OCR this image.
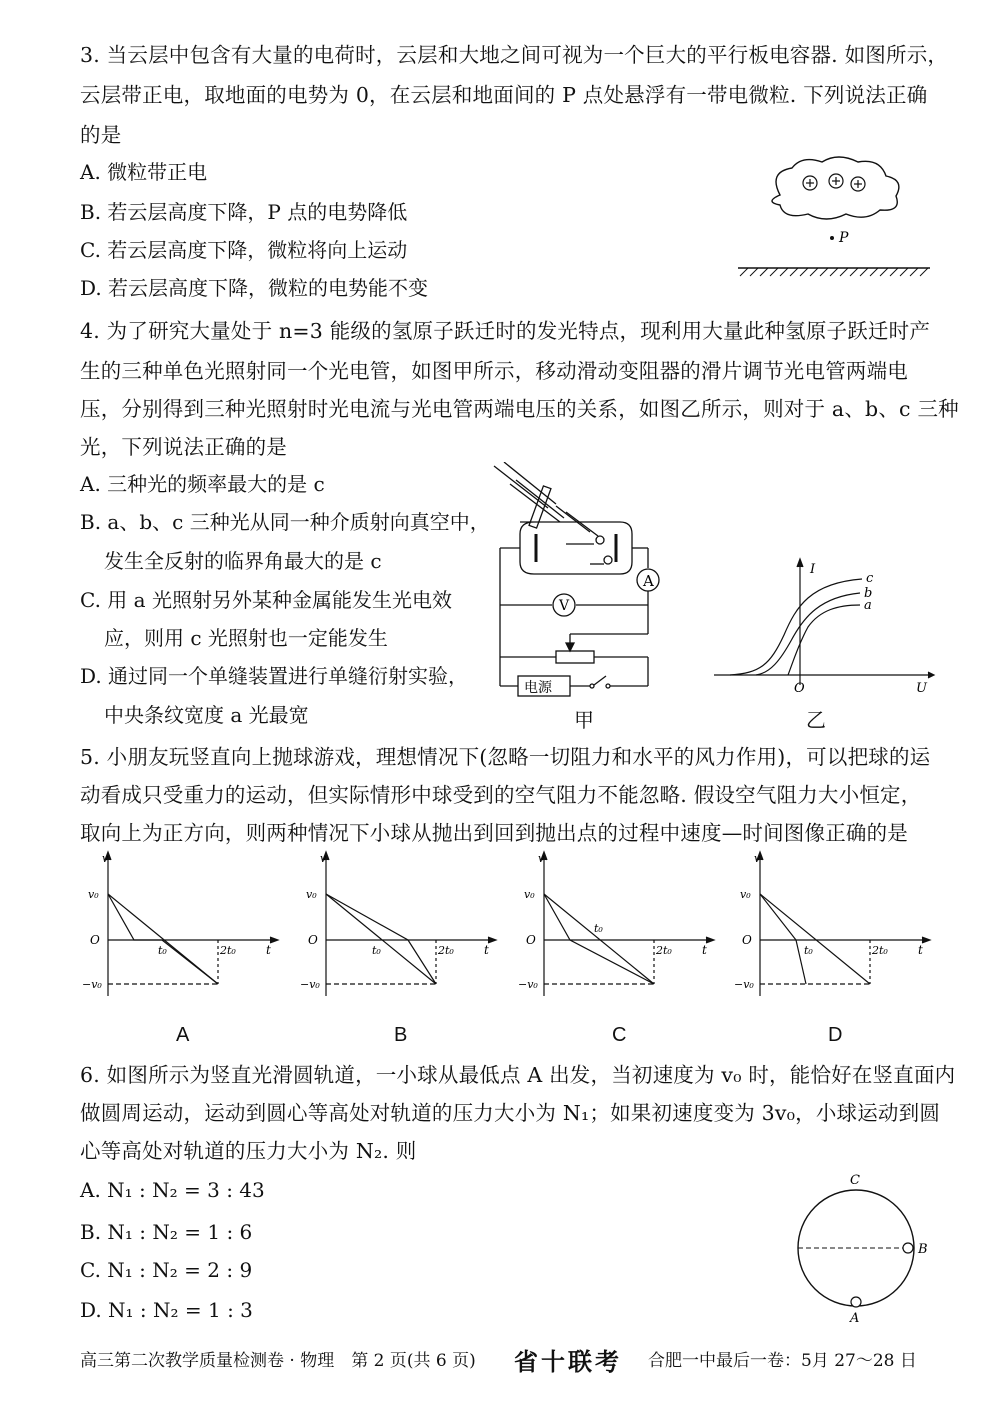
3. 当云层中包含有大量的电荷时，云层和大地之间可视为一个巨大的平行板电容器. 如图所示，
云层带正电，取地面的电势为 0，在云层和地面间的 P 点处悬浮有一带电微粒. 下列说法正确
的是
A. 微粒带正电
B. 若云层高度下降，P 点的电势降低
C. 若云层高度下降，微粒将向上运动
D. 若云层高度下降，微粒的电势能不变
P
4. 为了研究大量处于 n=3 能级的氢原子跃迁时的发光特点，现利用大量此种氢原子跃迁时产
生的三种单色光照射同一个光电管，如图甲所示，移动滑动变阻器的滑片调节光电管两端电
压，分别得到三种光照射时光电流与光电管两端电压的关系，如图乙所示，则对于 a、b、c 三种
光，下列说法正确的是
A. 三种光的频率最大的是 c
B. a、b、c 三种光从同一种介质射向真空中，
发生全反射的临界角最大的是 c
C. 用 a 光照射另外某种金属能发生光电效
应，则用 c 光照射也一定能发生
D. 通过同一个单缝装置进行单缝衍射实验，
中央条纹宽度 a 光最宽
A
V
电源
甲
I
U
O
c
b
a
乙
5. 小朋友玩竖直向上抛球游戏，理想情况下(忽略一切阻力和水平的风力作用)，可以把球的运
动看成只受重力的运动，但实际情形中球受到的空气阻力不能忽略. 假设空气阻力大小恒定，
取向上为正方向，则两种情况下小球从抛出到回到抛出点的过程中速度—时间图像正确的是
v
v₀
O
−v₀
t₀	2t₀	t
A
v
v₀
O
−v₀
t₀	2t₀	t
B
v
v₀
O
−v₀
t₀
2t₀	t
C
v
v₀
O
−v₀
t₀	2t₀	t
D
6. 如图所示为竖直光滑圆轨道，一小球从最低点 A 出发，当初速度为 v₀ 时，能恰好在竖直面内
做圆周运动，运动到圆心等高处对轨道的压力大小为 N₁；如果初速度变为 3v₀，小球运动到圆
心等高处对轨道的压力大小为 N₂. 则
A. N₁ : N₂ = 3 : 43
B. N₁ : N₂ = 1 : 6
C. N₁ : N₂ = 2 : 9
D. N₁ : N₂ = 1 : 3
C
B
A
高三第二次教学质量检测卷 · 物理　第 2 页(共 6 页) 省十联考 合肥一中最后一卷：5月 27～28 日
